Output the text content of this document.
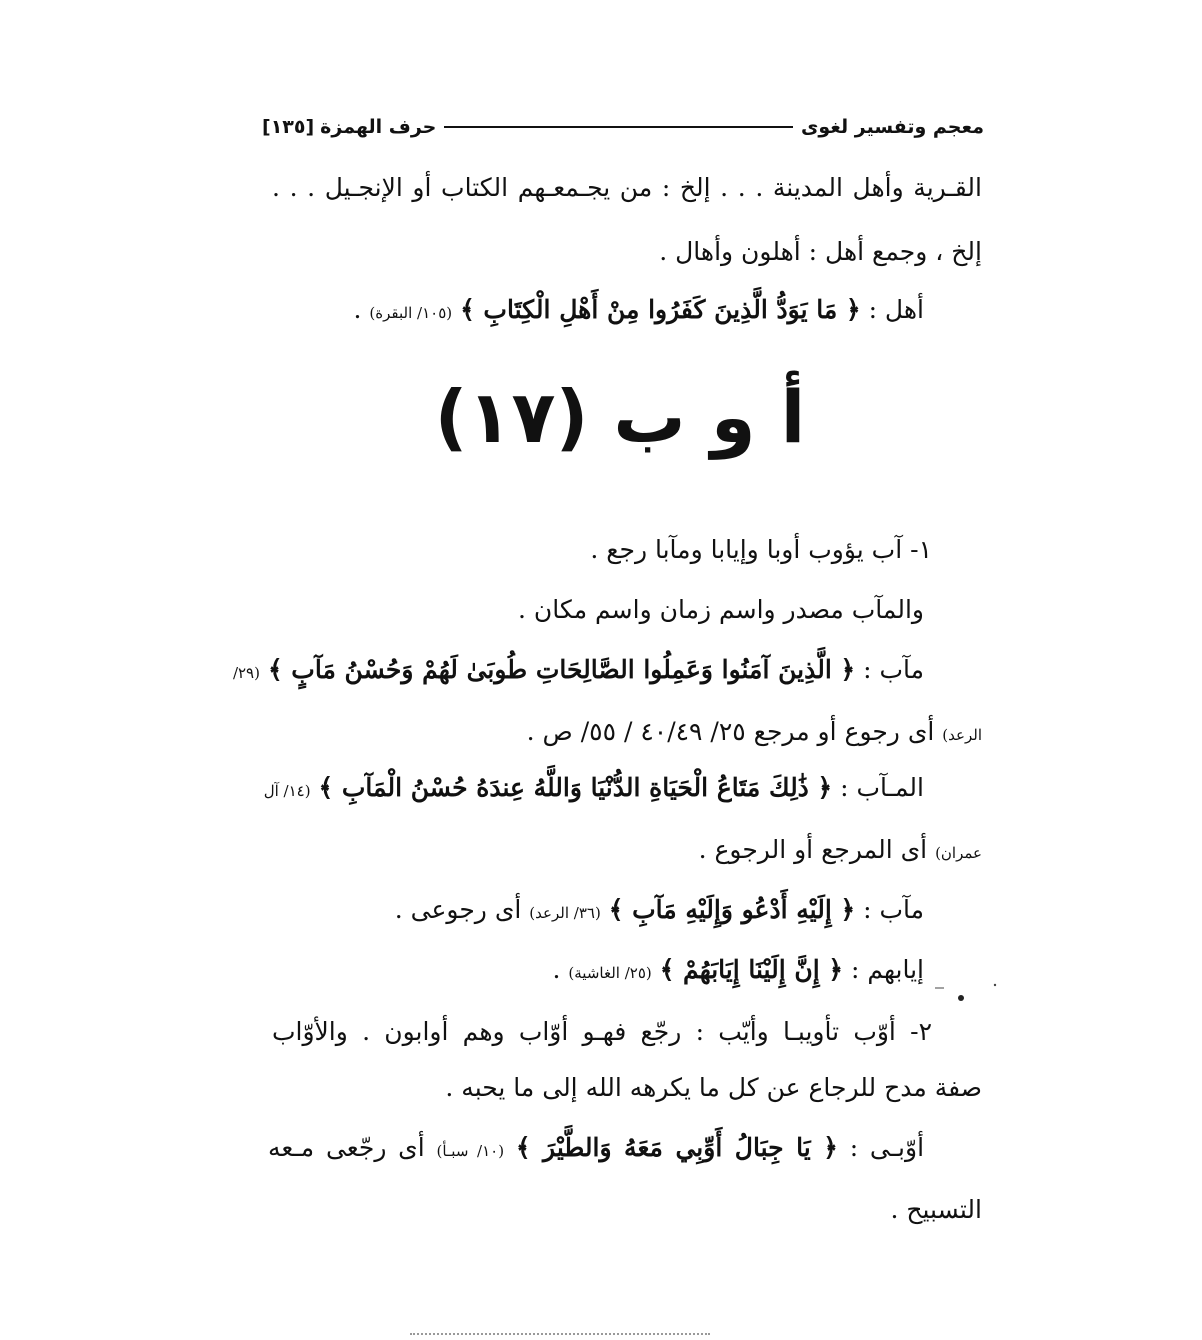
معجم وتفسير لغوى
حرف الهمزة
[١٣٥]
القـرية وأهل المدينة . . . إلخ : من يجـمعـهم الكتاب أو الإنجـيل . . .
إلخ ، وجمع أهل : أهلون وأهال .
أهل : ﴿ مَا يَوَدُّ الَّذِينَ كَفَرُوا مِنْ أَهْلِ الْكِتَابِ ﴾ (١٠٥/ البقرة) .
أ و ب (١٧)
١- آب يؤوب أوبا وإيابا ومآبا رجع .
والمآب مصدر واسم زمان واسم مكان .
مآب : ﴿ الَّذِينَ آمَنُوا وَعَمِلُوا الصَّالِحَاتِ طُوبَىٰ لَهُمْ وَحُسْنُ مَآبٍ ﴾ (٢٩/
الرعد) أى رجوع أو مرجع ٢٥/ ٤٠/٤٩ / ٥٥/ ص .
المـآب : ﴿ ذَٰلِكَ مَتَاعُ الْحَيَاةِ الدُّنْيَا وَاللَّهُ عِندَهُ حُسْنُ الْمَآبِ ﴾ (١٤/ آل
عمران) أى المرجع أو الرجوع .
مآب : ﴿ إِلَيْهِ أَدْعُو وَإِلَيْهِ مَآبِ ﴾ (٣٦/ الرعد) أى رجوعى .
إيابهم : ﴿ إِنَّ إِلَيْنَا إِيَابَهُمْ ﴾ (٢٥/ الغاشية) .
٢- أوّب تأويبـا وأيّب : رجّع فهـو أوّاب وهم أوابون . والأوّاب
صفة مدح للرجاع عن كل ما يكرهه الله إلى ما يحبه .
أوّبـى : ﴿ يَا جِبَالُ أَوِّبِي مَعَهُ وَالطَّيْرَ ﴾ (١٠/ سبـأ) أى رجّعى مـعه
التسبيح .
